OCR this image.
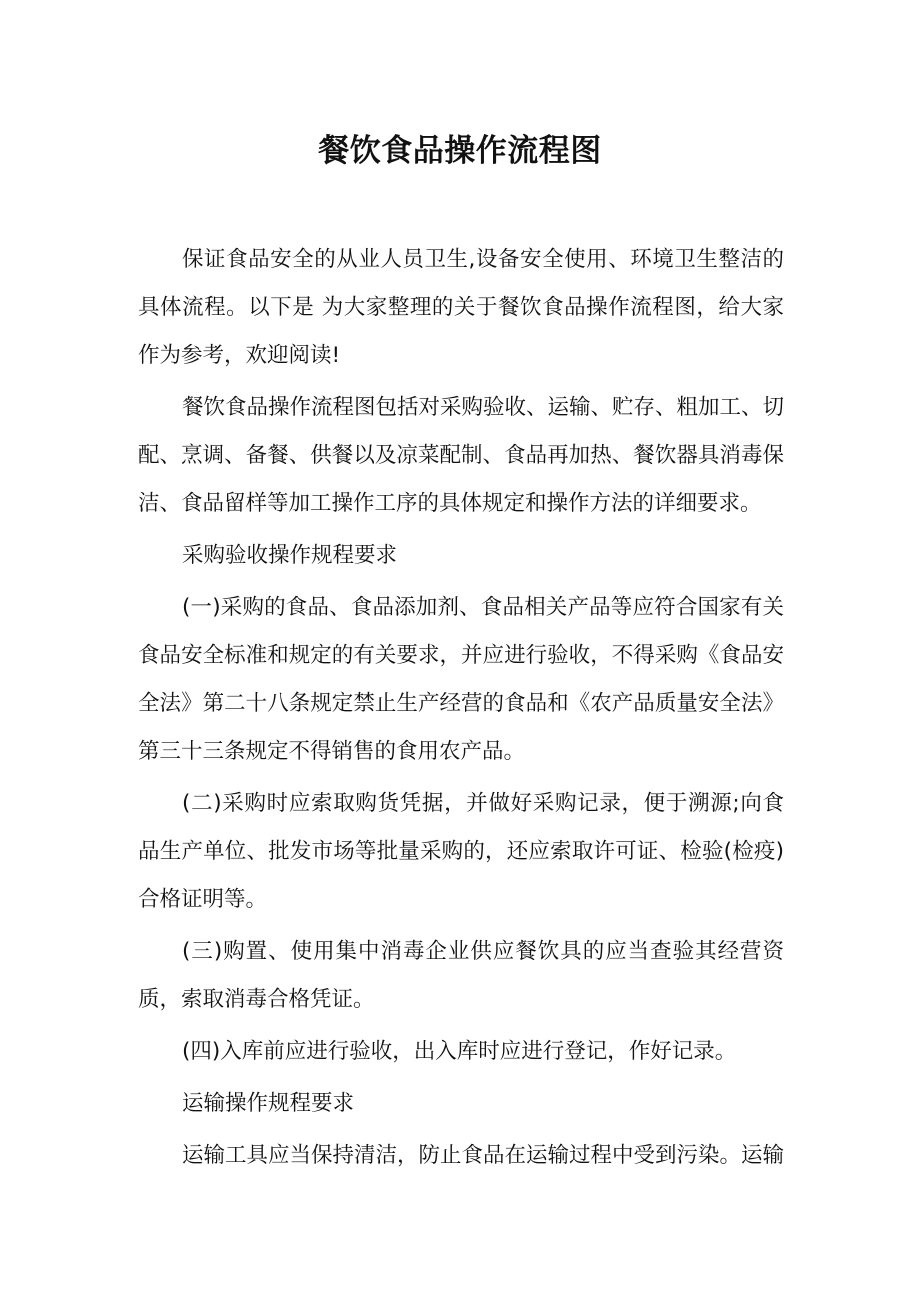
餐饮食品操作流程图

保证食品安全的从业人员卫生,设备安全使用、环境卫生整洁的具体流程。以下是 为大家整理的关于餐饮食品操作流程图，给大家作为参考，欢迎阅读!

餐饮食品操作流程图包括对采购验收、运输、贮存、粗加工、切配、烹调、备餐、供餐以及凉菜配制、食品再加热、餐饮器具消毒保洁、食品留样等加工操作工序的具体规定和操作方法的详细要求。

采购验收操作规程要求

(一)采购的食品、食品添加剂、食品相关产品等应符合国家有关食品安全标准和规定的有关要求，并应进行验收，不得采购《食品安全法》第二十八条规定禁止生产经营的食品和《农产品质量安全法》第三十三条规定不得销售的食用农产品。

(二)采购时应索取购货凭据，并做好采购记录，便于溯源;向食品生产单位、批发市场等批量采购的，还应索取许可证、检验(检疫)合格证明等。

(三)购置、使用集中消毒企业供应餐饮具的应当查验其经营资质，索取消毒合格凭证。

(四)入库前应进行验收，出入库时应进行登记，作好记录。

运输操作规程要求

运输工具应当保持清洁，防止食品在运输过程中受到污染。运输
